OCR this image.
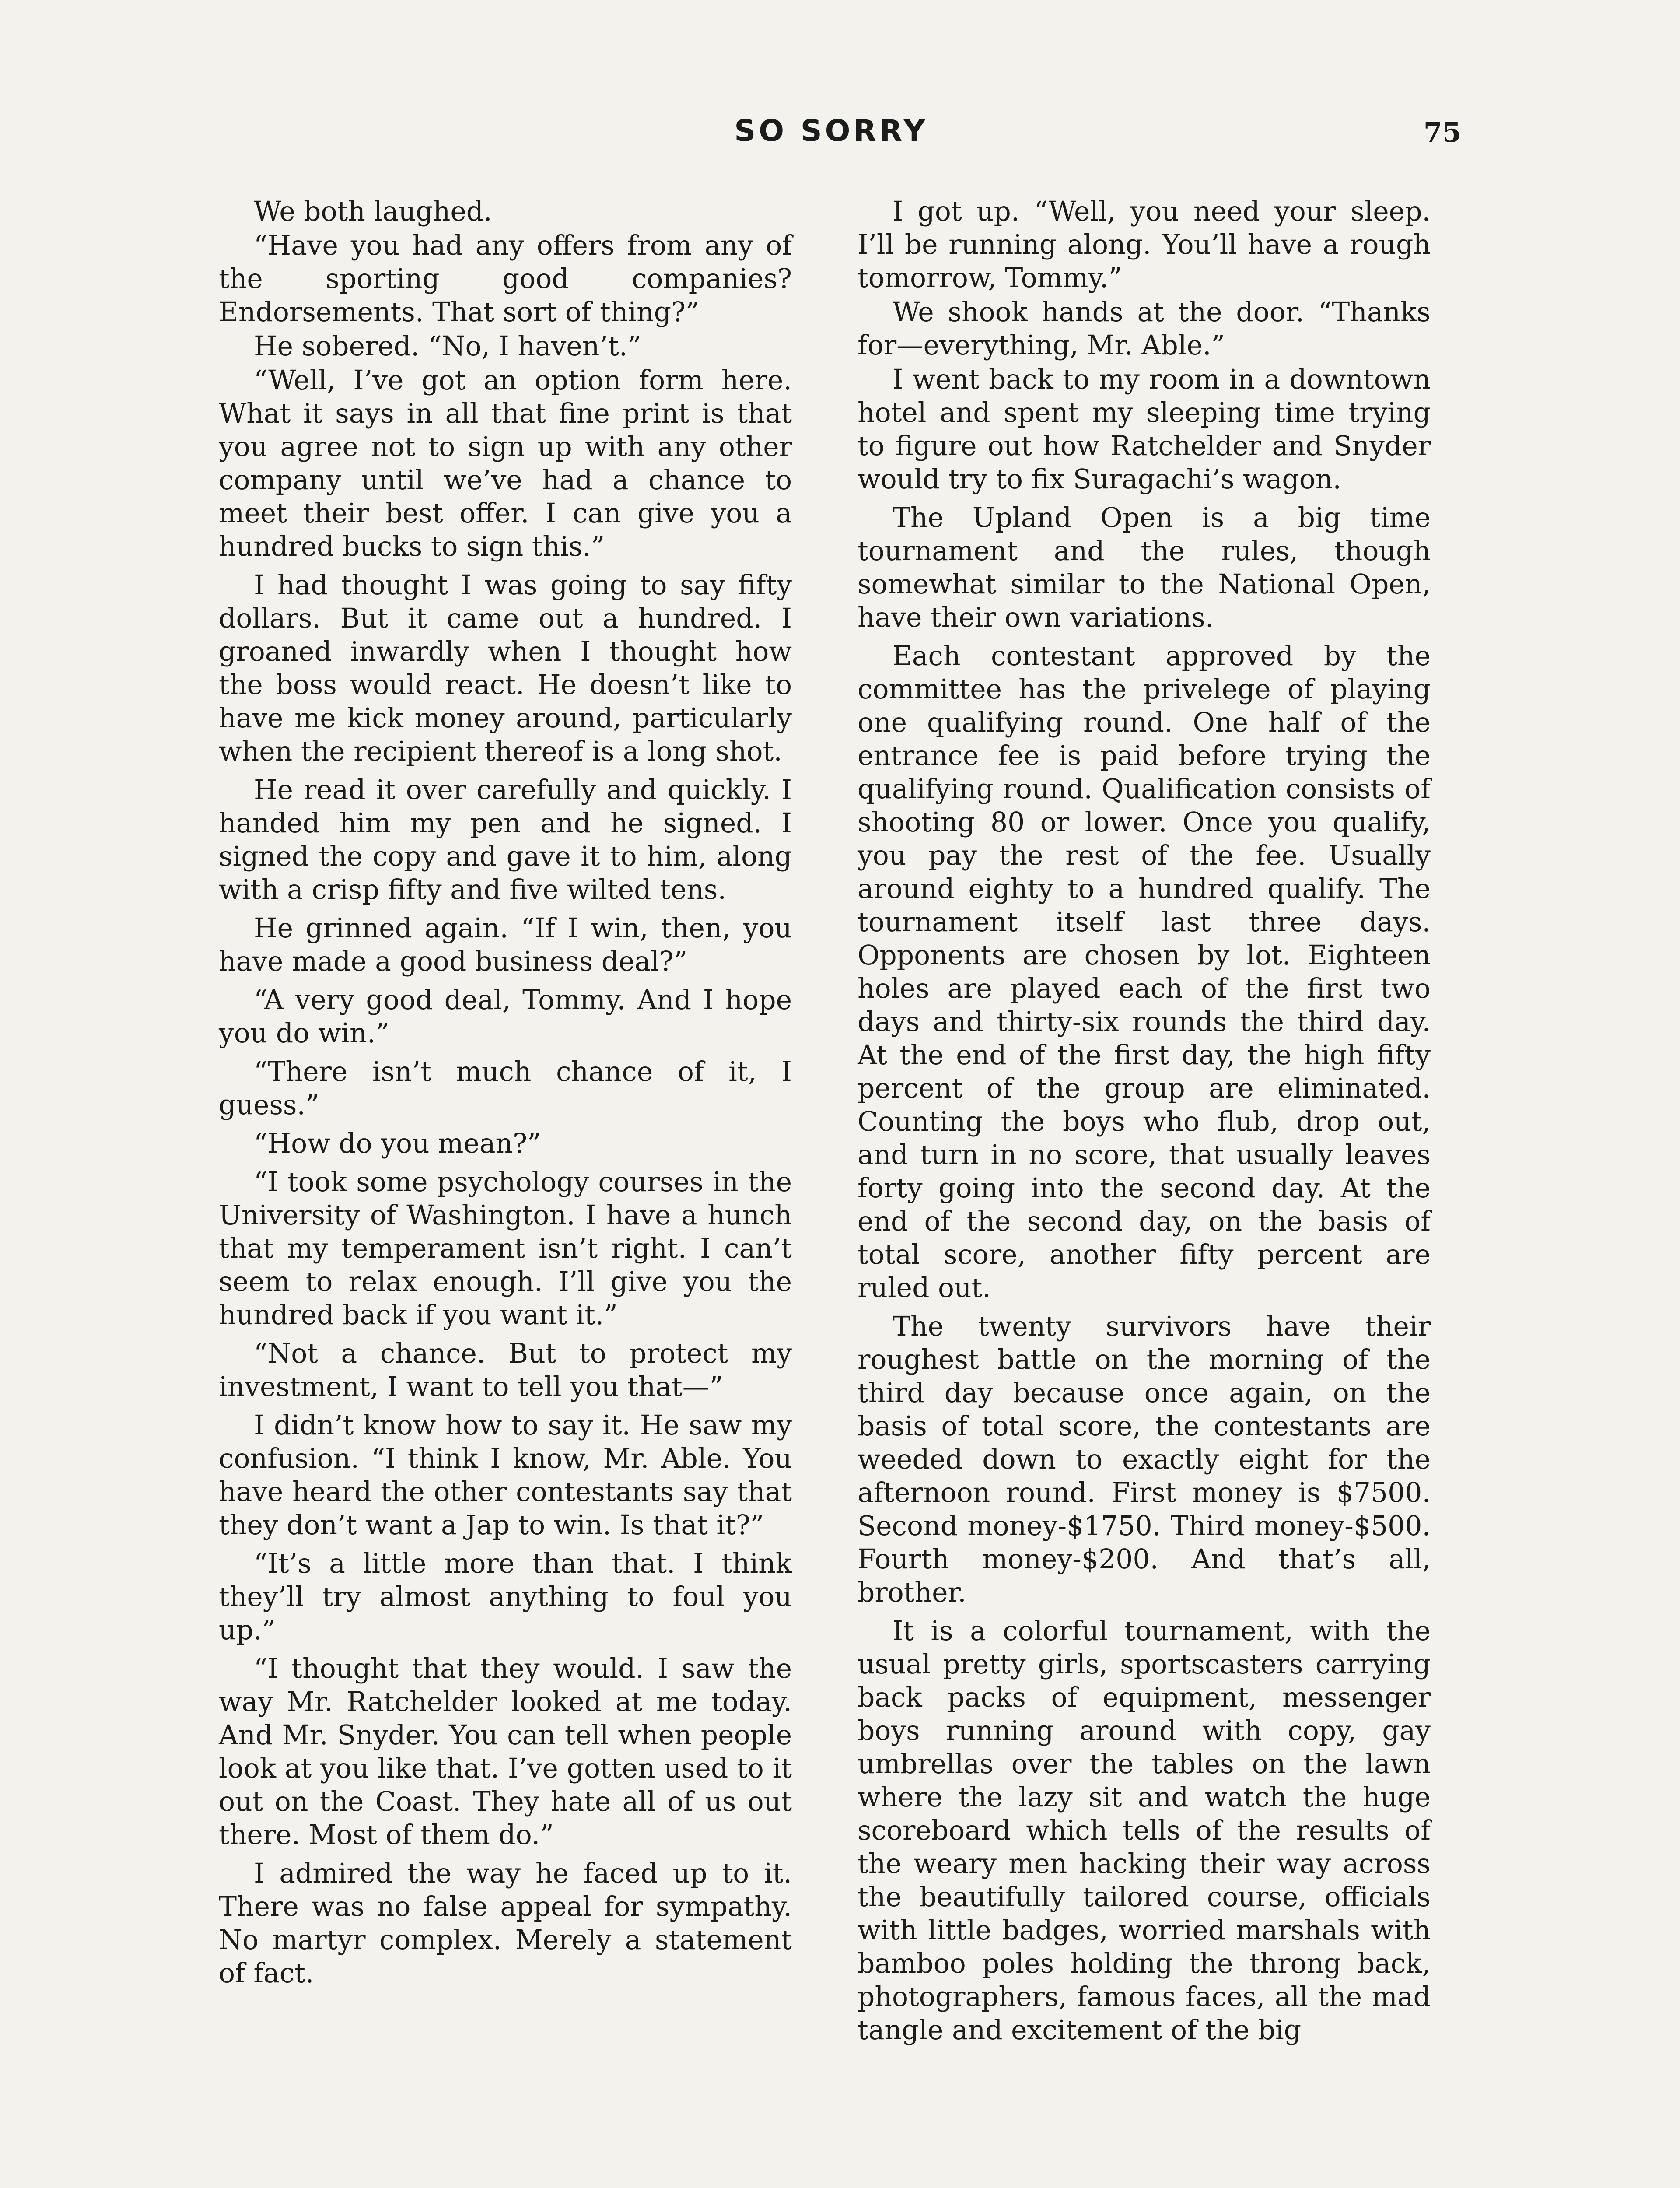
SO SORRY	75

We both laughed.

“Have you had any offers from any of the sporting good companies? Endorsements. That sort of thing?”

He sobered. “No, I haven’t.”

“Well, I’ve got an option form here. What it says in all that fine print is that you agree not to sign up with any other company until we’ve had a chance to meet their best offer. I can give you a hundred bucks to sign this.”

I had thought I was going to say fifty dollars. But it came out a hundred. I groaned inwardly when I thought how the boss would react. He doesn’t like to have me kick money around, particularly when the recipient thereof is a long shot.

He read it over carefully and quickly. I handed him my pen and he signed. I signed the copy and gave it to him, along with a crisp fifty and five wilted tens.

He grinned again. “If I win, then, you have made a good business deal?”

“A very good deal, Tommy. And I hope you do win.”

“There isn’t much chance of it, I guess.”

“How do you mean?”

“I took some psychology courses in the University of Washington. I have a hunch that my temperament isn’t right. I can’t seem to relax enough. I’ll give you the hundred back if you want it.”

“Not a chance. But to protect my investment, I want to tell you that—”

I didn’t know how to say it. He saw my confusion. “I think I know, Mr. Able. You have heard the other contestants say that they don’t want a Jap to win. Is that it?”

“It’s a little more than that. I think they’ll try almost anything to foul you up.”

“I thought that they would. I saw the way Mr. Ratchelder looked at me today. And Mr. Snyder. You can tell when people look at you like that. I’ve gotten used to it out on the Coast. They hate all of us out there. Most of them do.”

I admired the way he faced up to it. There was no false appeal for sympathy. No martyr complex. Merely a statement of fact.

I got up. “Well, you need your sleep. I’ll be running along. You’ll have a rough tomorrow, Tommy.”

We shook hands at the door. “Thanks for—everything, Mr. Able.”

I went back to my room in a downtown hotel and spent my sleeping time trying to figure out how Ratchelder and Snyder would try to fix Suragachi’s wagon.

The Upland Open is a big time tournament and the rules, though somewhat similar to the National Open, have their own variations.

Each contestant approved by the committee has the privelege of playing one qualifying round. One half of the entrance fee is paid before trying the qualifying round. Qualification consists of shooting 80 or lower. Once you qualify, you pay the rest of the fee. Usually around eighty to a hundred qualify. The tournament itself last three days. Opponents are chosen by lot. Eighteen holes are played each of the first two days and thirty-six rounds the third day. At the end of the first day, the high fifty percent of the group are eliminated. Counting the boys who flub, drop out, and turn in no score, that usually leaves forty going into the second day. At the end of the second day, on the basis of total score, another fifty percent are ruled out.

The twenty survivors have their roughest battle on the morning of the third day because once again, on the basis of total score, the contestants are weeded down to exactly eight for the afternoon round. First money is $7500. Second money-$1750. Third money-$500. Fourth money-$200. And that’s all, brother.

It is a colorful tournament, with the usual pretty girls, sportscasters carrying back packs of equipment, messenger boys running around with copy, gay umbrellas over the tables on the lawn where the lazy sit and watch the huge scoreboard which tells of the results of the weary men hacking their way across the beautifully tailored course, officials with little badges, worried marshals with bamboo poles holding the throng back, photographers, famous faces, all the mad tangle and excitement of the big
